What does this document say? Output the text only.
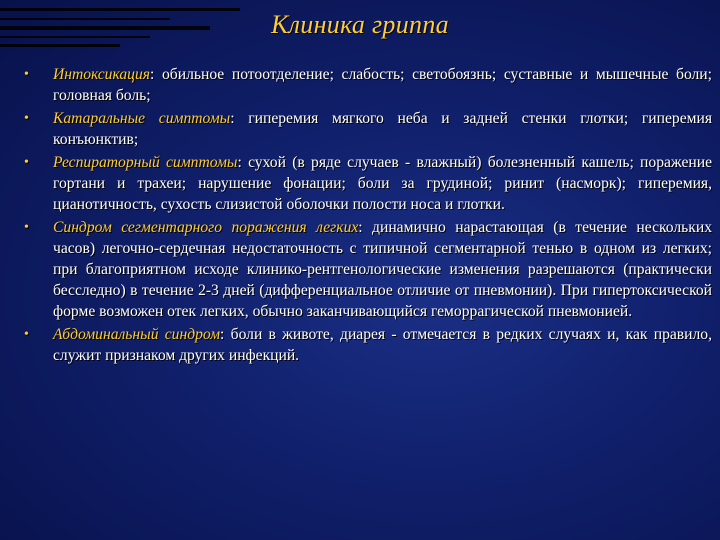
Клиника гриппа
•	Интоксикация: обильное потоотделение; слабость; светобоязнь; суставные и мышечные боли; головная боль;
•	Катаральные симптомы: гиперемия мягкого неба и задней стенки глотки; гиперемия конъюнктив;
•	Респираторный симптомы: сухой (в ряде случаев - влажный) болезненный кашель; поражение гортани и трахеи; нарушение фонации; боли за грудиной; ринит (насморк); гиперемия, цианотичность, сухость слизистой оболочки полости носа и глотки.
•	Синдром сегментарного поражения легких: динамично нарастающая (в течение нескольких часов) легочно-сердечная недостаточность с типичной сегментарной тенью в одном из легких; при благоприятном исходе клинико-рентгенологические изменения разрешаются (практически бесследно) в течение 2-3 дней (дифференциальное отличие от пневмонии). При гипертоксической форме возможен отек легких, обычно заканчивающийся геморрагической пневмонией.
•	Абдоминальный синдром: боли в животе, диарея - отмечается в редких случаях и, как правило, служит признаком других инфекций.
